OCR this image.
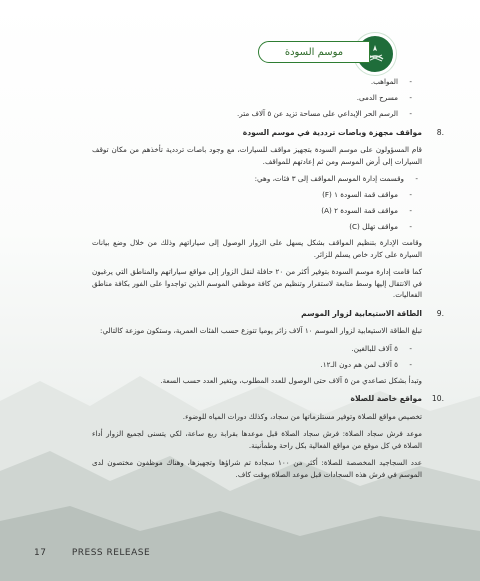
موسم السودة
- المواهب.
- مسرح الدمى.
- الرسم الحر الإبداعي على مساحة تزيد عن ٥ آلاف متر.
8.
مواقف مجهزة وباصات ترددية في موسم السودة

قام المسؤولون على موسم السودة بتجهيز مواقف للسيارات، مع وجود باصات ترددية تأخذهم من مكان توقف السيارات إلى أرض الموسم ومن ثم إعادتهم للمواقف.

- وقسمت إدارة الموسم المواقف إلى ٣ فئات، وهي:
- مواقف قمة السودة ١ (F)
- مواقف قمة السودة ٢ (A)
- مواقف تهلل (C)

وقامت الإدارة بتنظيم المواقف بشكل يسهل على الزوار الوصول إلى سياراتهم وذلك من خلال وضع بيانات السيارة على كارد خاص يسلم للزائر.

كما قامت إدارة موسم السودة بتوفير أكثر من ٢٠ حافلة لنقل الزوار إلى مواقع سياراتهم والمناطق التي يرغبون في الانتقال إليها وسط متابعة لاستقرار وتنظيم من كافة موظفي الموسم الذين تواجدوا على الفور بكافة مناطق الفعاليات.

9.
الطاقة الاستيعابية لزوار الموسم

تبلغ الطاقة الاستيعابية لزوار الموسم ١٠ آلاف زائر يوميا تتوزع حسب الفئات العمرية، وستكون موزعة كالتالي:

- ٥ آلاف للبالغين.
- ٥ آلاف لمن هم دون الـ١٢.

وتبدأ بشكل تصاعدي من ٥ آلاف حتى الوصول للعدد المطلوب، ويتغير العدد حسب السعة.

10.
مواقع خاصة للصلاة

تخصيص مواقع للصلاة وتوفير مستلزماتها من سجاد، وكذلك دورات المياه للوضوء.

موعد فرش سجاد الصلاة: فرش سجاد الصلاة قبل موعدها بقرابة ربع ساعة، لكي يتسنى لجميع الزوار أداء الصلاة في كل موقع من مواقع الفعالية بكل راحة وطمأنينة.

عدد السجاجيد المخصصة للصلاة: أكثر من ١٠٠ سجادة تم شراؤها وتجهيزها، وهناك موظفون مختصون لدى الموسم في فرش هذه السجادات قبل موعد الصلاة بوقت كاف.

17	PRESS RELEASE
